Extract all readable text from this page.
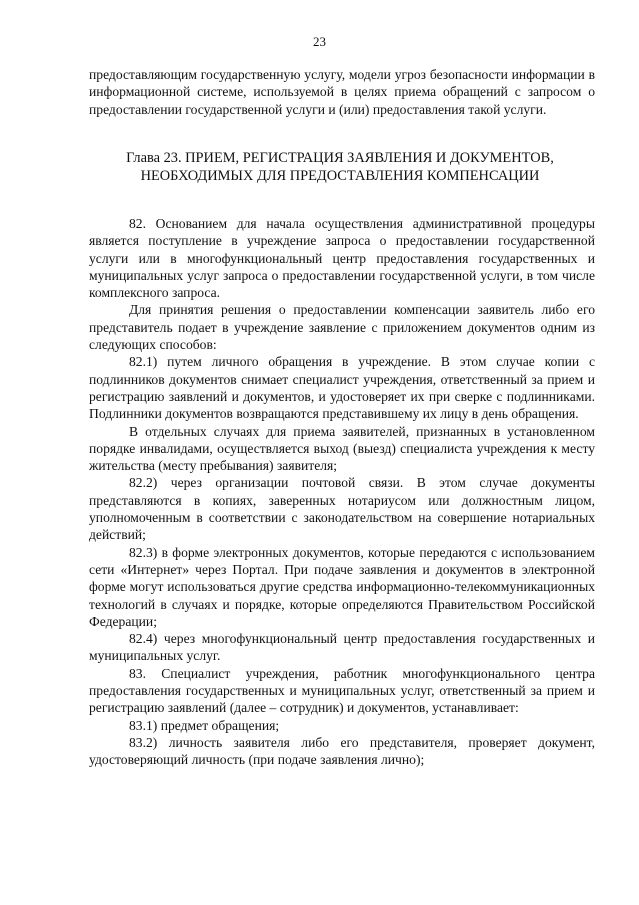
23

предоставляющим государственную услугу, модели угроз безопасности информации в информационной системе, используемой в целях приема обращений с запросом о предоставлении государственной услуги и (или) предоставления такой услуги.

Глава 23. ПРИЕМ, РЕГИСТРАЦИЯ ЗАЯВЛЕНИЯ И ДОКУМЕНТОВ, НЕОБХОДИМЫХ ДЛЯ ПРЕДОСТАВЛЕНИЯ КОМПЕНСАЦИИ

82. Основанием для начала осуществления административной процедуры является поступление в учреждение запроса о предоставлении государственной услуги или в многофункциональный центр предоставления государственных и муниципальных услуг запроса о предоставлении государственной услуги, в том числе комплексного запроса.

Для принятия решения о предоставлении компенсации заявитель либо его представитель подает в учреждение заявление с приложением документов одним из следующих способов:

82.1) путем личного обращения в учреждение. В этом случае копии с подлинников документов снимает специалист учреждения, ответственный за прием и регистрацию заявлений и документов, и удостоверяет их при сверке с подлинниками. Подлинники документов возвращаются представившему их лицу в день обращения.

В отдельных случаях для приема заявителей, признанных в установленном порядке инвалидами, осуществляется выход (выезд) специалиста учреждения к месту жительства (месту пребывания) заявителя;

82.2) через организации почтовой связи. В этом случае документы представляются в копиях, заверенных нотариусом или должностным лицом, уполномоченным в соответствии с законодательством на совершение нотариальных действий;

82.3) в форме электронных документов, которые передаются с использованием сети «Интернет» через Портал. При подаче заявления и документов в электронной форме могут использоваться другие средства информационно-телекоммуникационных технологий в случаях и порядке, которые определяются Правительством Российской Федерации;

82.4) через многофункциональный центр предоставления государственных и муниципальных услуг.

83. Специалист учреждения, работник многофункционального центра предоставления государственных и муниципальных услуг, ответственный за прием и регистрацию заявлений (далее – сотрудник) и документов, устанавливает:

83.1) предмет обращения;

83.2) личность заявителя либо его представителя, проверяет документ, удостоверяющий личность (при подаче заявления лично);
